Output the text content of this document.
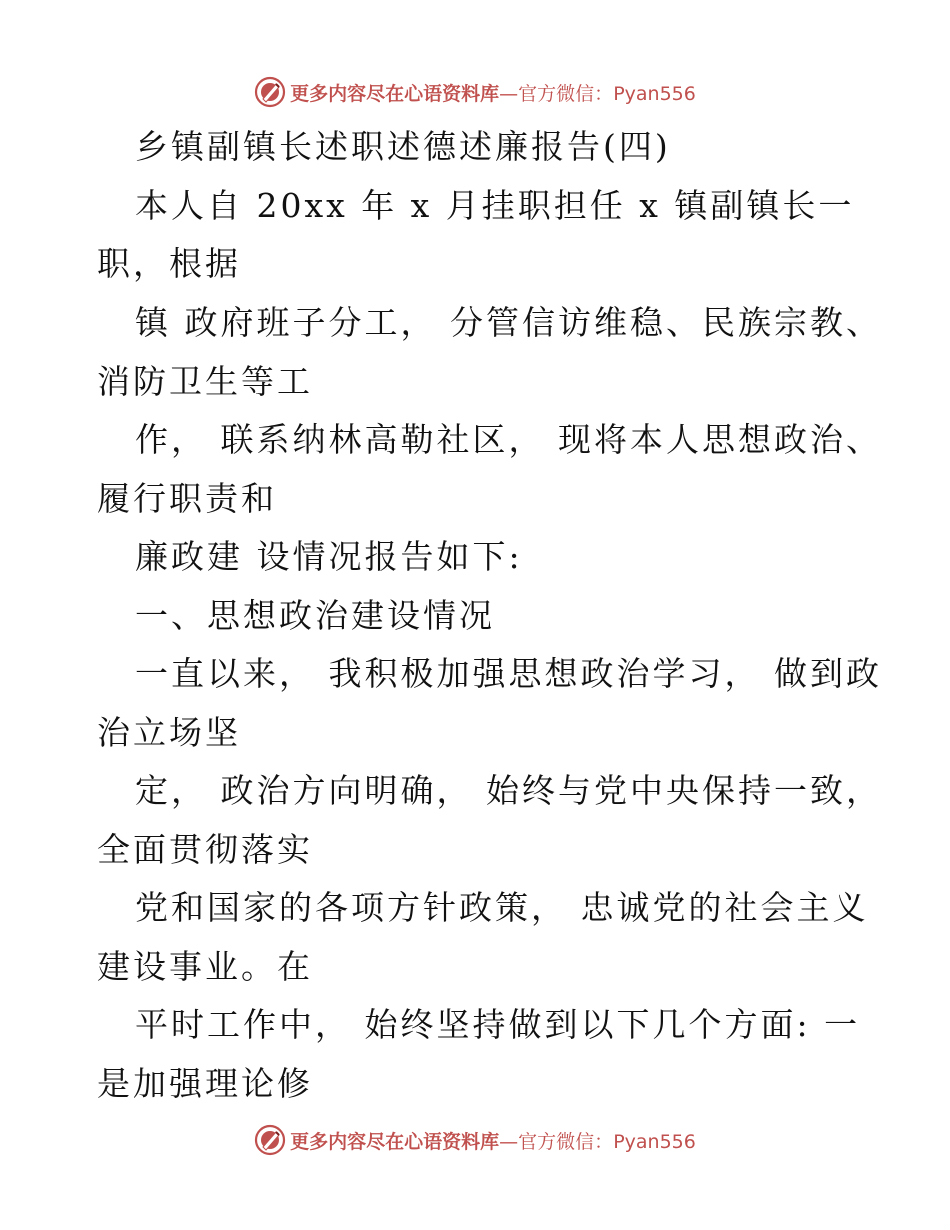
更多内容尽在心语资料库—官方微信：Pyan556
乡镇副镇长述职述德述廉报告(四)
本人自 20xx 年 x 月挂职担任 x 镇副镇长一
职，根据
镇 政府班子分工， 分管信访维稳、民族宗教、
消防卫生等工
作， 联系纳林高勒社区， 现将本人思想政治、
履行职责和
廉政建 设情况报告如下:
一、思想政治建设情况
一直以来， 我积极加强思想政治学习， 做到政
治立场坚
定， 政治方向明确， 始终与党中央保持一致，
全面贯彻落实
党和国家的各项方针政策， 忠诚党的社会主义
建设事业。在
平时工作中， 始终坚持做到以下几个方面: 一
是加强理论修
更多内容尽在心语资料库—官方微信：Pyan556
